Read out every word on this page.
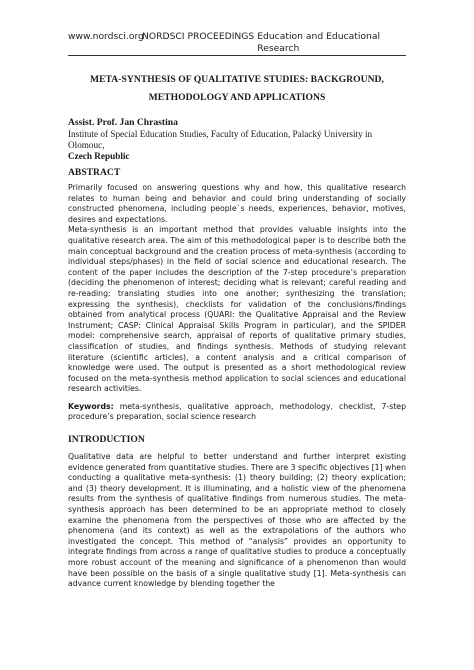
www.nordsci.org
NORDSCI PROCEEDINGS Education and Educational Research
META-SYNTHESIS OF QUALITATIVE STUDIES: BACKGROUND,
METHODOLOGY AND APPLICATIONS
Assist. Prof. Jan Chrastina
Institute of Special Education Studies, Faculty of Education, Palacký University in Olomouc,
Czech Republic
ABSTRACT

Primarily focused on answering questions why and how, this qualitative research relates to human being and behavior and could bring understanding of socially constructed phenomena, including people`s needs, experiences, behavior, motives, desires and expectations.

Meta-synthesis is an important method that provides valuable insights into the qualitative research area. The aim of this methodological paper is to describe both the main conceptual background and the creation process of meta-synthesis (according to individual steps/phases) in the field of social science and educational research. The content of the paper includes the description of the 7-step procedure’s preparation (deciding the phenomenon of interest; deciding what is relevant; careful reading and re-reading: translating studies into one another; synthesizing the translation; expressing the synthesis), checklists for validation of the conclusions/findings obtained from analytical process (QUARI: the Qualitative Appraisal and the Review Instrument; CASP: Clinical Appraisal Skills Program in particular), and the SPIDER model: comprehensive search, appraisal of reports of qualitative primary studies, classification of studies, and findings synthesis. Methods of studying relevant literature (scientific articles), a content analysis and a critical comparison of knowledge were used. The output is presented as a short methodological review focused on the meta-synthesis method application to social sciences and educational research activities.

Keywords: meta-synthesis, qualitative approach, methodology, checklist, 7-step procedure’s preparation, social science research

INTRODUCTION

Qualitative data are helpful to better understand and further interpret existing evidence generated from quantitative studies. There are 3 specific objectives [1] when conducting a qualitative meta-synthesis: (1) theory building; (2) theory explication; and (3) theory development. It is illuminating, and a holistic view of the phenomena results from the synthesis of qualitative findings from numerous studies. The meta-synthesis approach has been determined to be an appropriate method to closely examine the phenomena from the perspectives of those who are affected by the phenomena (and its context) as well as the extrapolations of the authors who investigated the concept. This method of “analysis” provides an opportunity to integrate findings from across a range of qualitative studies to produce a conceptually more robust account of the meaning and significance of a phenomenon than would have been possible on the basis of a single qualitative study [1]. Meta-synthesis can advance current knowledge by blending together the
